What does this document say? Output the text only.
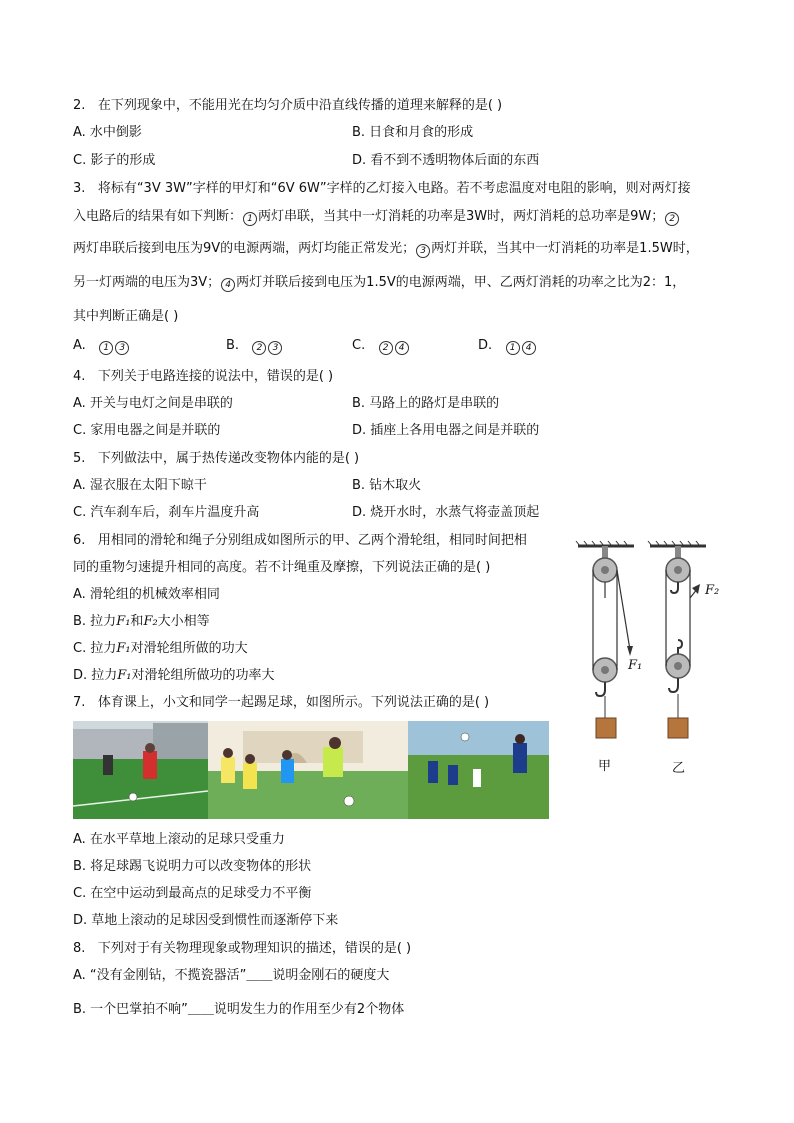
2. 在下列现象中，不能用光在均匀介质中沿直线传播的道理来解释的是( )
A. 水中倒影	B. 日食和月食的形成
C. 影子的形成	D. 看不到不透明物体后面的东西
3. 将标有“3V 3W”字样的甲灯和“6V 6W”字样的乙灯接入电路。若不考虑温度对电阻的影响，则对两灯接
入电路后的结果有如下判断： 1 两灯串联，当其中一灯消耗的功率是3W时，两灯消耗的总功率是9W； 2
两灯串联后接到电压为9V的电源两端，两灯均能正常发光； 3 两灯并联，当其中一灯消耗的功率是1.5W时，
另一灯两端的电压为3V； 4 两灯并联后接到电压为1.5V的电源两端，甲、乙两灯消耗的功率之比为2：1，
其中判断正确是( )
A. 1 3	B. 2 3	C. 2 4	D. 1 4
4. 下列关于电路连接的说法中，错误的是( )
A. 开关与电灯之间是串联的	B. 马路上的路灯是串联的
C. 家用电器之间是并联的	D. 插座上各用电器之间是并联的
5. 下列做法中，属于热传递改变物体内能的是( )
A. 湿衣服在太阳下晾干	B. 钻木取火
C. 汽车刹车后，刹车片温度升高	D. 烧开水时，水蒸气将壶盖顶起
6. 用相同的滑轮和绳子分别组成如图所示的甲、乙两个滑轮组，相同时间把相
同的重物匀速提升相同的高度。若不计绳重及摩擦，下列说法正确的是( )
A. 滑轮组的机械效率相同
B. 拉力F₁和F₂大小相等
C. 拉力F₁对滑轮组所做的功大
D. 拉力F₁对滑轮组所做功的功率大
F₁
F₂
甲	乙
7. 体育课上，小文和同学一起踢足球，如图所示。下列说法正确的是( )
A. 在水平草地上滚动的足球只受重力
B. 将足球踢飞说明力可以改变物体的形状
C. 在空中运动到最高点的足球受力不平衡
D. 草地上滚动的足球因受到惯性而逐渐停下来
8. 下列对于有关物理现象或物理知识的描述，错误的是( )
A. “没有金刚钻，不揽瓷器活”＿＿说明金刚石的硬度大
B. 一个巴掌拍不响”＿＿说明发生力的作用至少有2个物体
